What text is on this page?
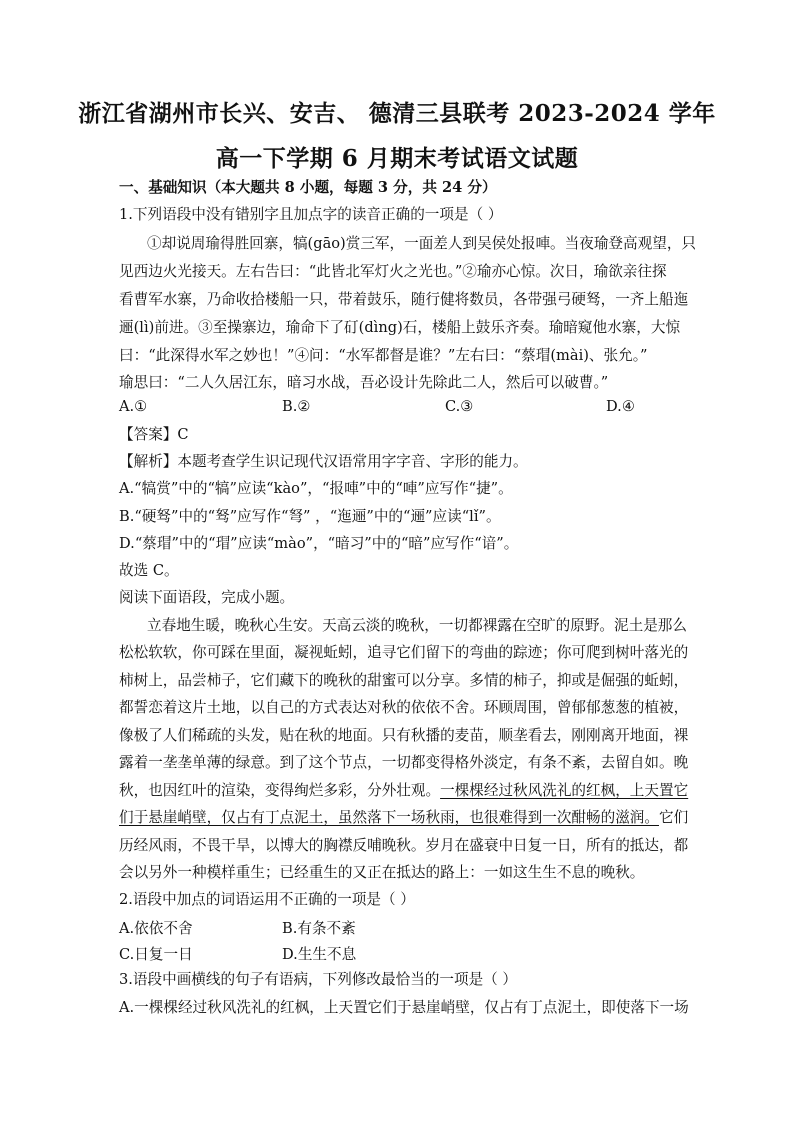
浙江省湖州市长兴、安吉、 德清三县联考 2023-2024 学年
高一下学期 6 月期末考试语文试题
一、基础知识（本大题共 8 小题，每题 3 分，共 24 分）
1.下列语段中没有错别字且加点字的读音正确的一项是（ ）
①却说周瑜得胜回寨，犒(gāo)赏三军，一面差人到吴侯处报唓。当夜瑜登高观望，只
见西边火光接天。左右告曰：“此皆北军灯火之光也。”②瑜亦心惊。次日，瑜欲亲往探
看曹军水寨，乃命收拾楼船一只，带着鼓乐，随行健将数员，各带强弓硬驽，一齐上船迤
逦(lì)前进。③至操寨边，瑜命下了矴(dìng)石，楼船上鼓乐齐奏。瑜暗窥他水寨，大惊
曰：“此深得水军之妙也！”④问：“水军都督是谁？”左右曰：“蔡瑁(mài)、张允。”
瑜思曰：“二人久居江东，暗习水战，吾必设计先除此二人，然后可以破曹。”
A.①	B.②	C.③	D.④
【答案】C
【解析】本题考查学生识记现代汉语常用字字音、字形的能力。
A.“犒赏”中的“犒”应读“kào”，“报唓”中的“唓”应写作“捷”。
B.“硬驽”中的“驽”应写作“弩” ，“迤逦”中的“逦”应读“lǐ”。
D.“蔡瑁”中的“瑁”应读“mào”，“暗习”中的“暗”应写作“谙”。
故选 C。
阅读下面语段，完成小题。
立春地生暖，晚秋心生安。天高云淡的晚秋，一切都裸露在空旷的原野。泥土是那么
松松软软，你可踩在里面，凝视蚯蚓，追寻它们留下的弯曲的踪迹；你可爬到树叶落光的
柿树上，品尝柿子，它们藏下的晚秋的甜蜜可以分享。多情的柿子，抑或是倔强的蚯蚓，
都誓恋着这片土地，以自己的方式表达对秋的依依不舍。环顾周围，曾郁郁葱葱的植被，
像极了人们稀疏的头发，贴在秋的地面。只有秋播的麦苗，顺垄看去，刚刚离开地面，裸
露着一垄垄单薄的绿意。到了这个节点，一切都变得格外淡定，有条不紊，去留自如。晚
秋，也因红叶的渲染，变得绚烂多彩，分外壮观。一棵棵经过秋风洗礼的红枫，上天置它
们于悬崖峭壁，仅占有丁点泥土，虽然落下一场秋雨，也很难得到一次酣畅的滋润。它们
历经风雨，不畏干旱，以博大的胸襟反哺晚秋。岁月在盛衰中日复一日，所有的抵达，都
会以另外一种模样重生；已经重生的又正在抵达的路上：一如这生生不息的晚秋。
2.语段中加点的词语运用不正确的一项是（ ）
A.依依不舍	B.有条不紊
C.日复一日	D.生生不息
3.语段中画横线的句子有语病，下列修改最恰当的一项是（ ）
A.一棵棵经过秋风洗礼的红枫，上天置它们于悬崖峭壁，仅占有丁点泥土，即使落下一场
